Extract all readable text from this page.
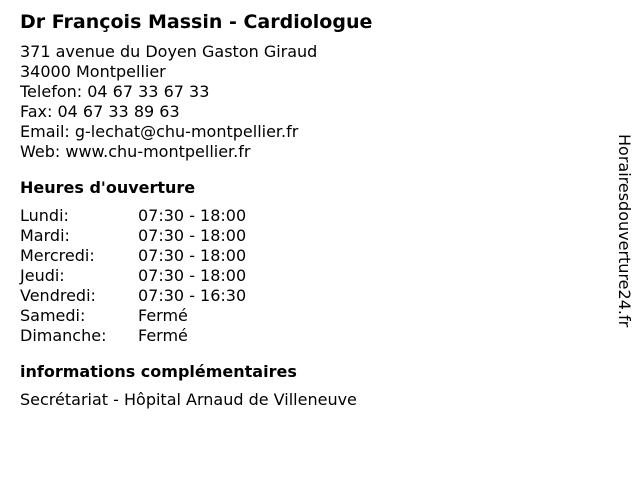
Dr François Massin - Cardiologue
371 avenue du Doyen Gaston Giraud
34000 Montpellier
Telefon: 04 67 33 67 33
Fax: 04 67 33 89 63
Email: g-lechat@chu-montpellier.fr
Web: www.chu-montpellier.fr
Heures d'ouverture
Lundi:	07:30 - 18:00
Mardi:	07:30 - 18:00
Mercredi:	07:30 - 18:00
Jeudi:	07:30 - 18:00
Vendredi:	07:30 - 16:30
Samedi:	Fermé
Dimanche:	Fermé
informations complémentaires
Secrétariat - Hôpital Arnaud de Villeneuve
Horairesdouverture24.fr
